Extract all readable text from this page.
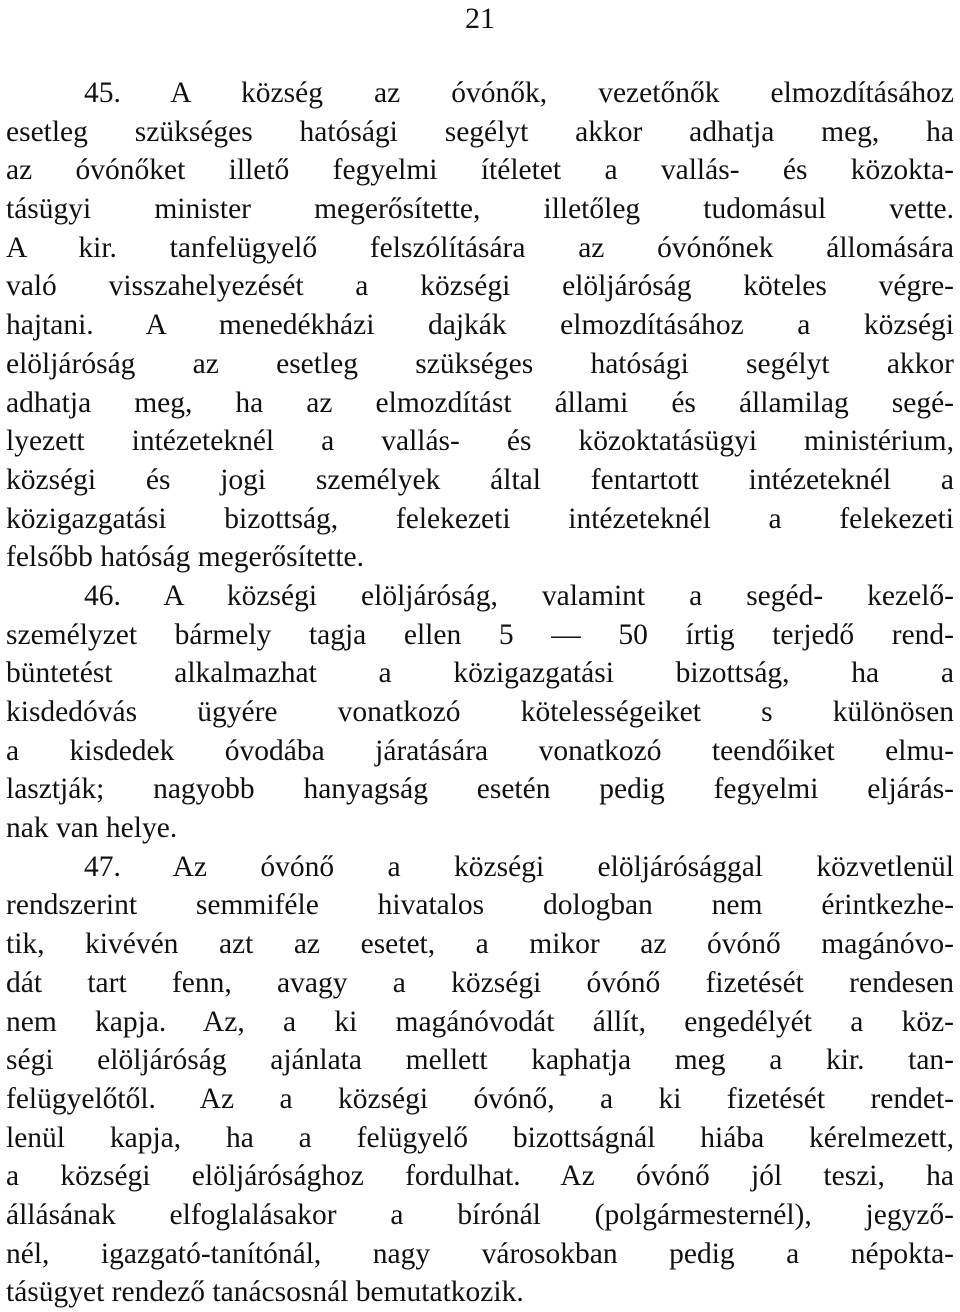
21
45. A község az óvónők, vezetőnők elmozdításához
esetleg szükséges hatósági segélyt akkor adhatja meg, ha
az óvónőket illető fegyelmi ítéletet a vallás- és közokta-
tásügyi minister megerősítette, illetőleg tudomásul vette.
A kir. tanfelügyelő felszólítására az óvónőnek állomására
való visszahelyezését a községi elöljáróság köteles végre-
hajtani. A menedékházi dajkák elmozdításához a községi
elöljáróság az esetleg szükséges hatósági segélyt akkor
adhatja meg, ha az elmozdítást állami és államilag segé-
lyezett intézeteknél a vallás- és közoktatásügyi ministérium,
községi és jogi személyek által fentartott intézeteknél a
közigazgatási bizottság, felekezeti intézeteknél a felekezeti
felsőbb hatóság megerősítette.
46. A községi elöljáróság, valamint a segéd- kezelő-
személyzet bármely tagja ellen 5 — 50 írtig terjedő rend-
büntetést alkalmazhat a közigazgatási bizottság, ha a
kisdedóvás ügyére vonatkozó kötelességeiket s különösen
a kisdedek óvodába járatására vonatkozó teendőiket elmu-
lasztják; nagyobb hanyagság esetén pedig fegyelmi eljárás-
nak van helye.
47. Az óvónő a községi elöljárósággal közvetlenül
rendszerint semmiféle hivatalos dologban nem érintkezhe-
tik, kivévén azt az esetet, a mikor az óvónő magánóvo-
dát tart fenn, avagy a községi óvónő fizetését rendesen
nem kapja. Az, a ki magánóvodát állít, engedélyét a köz-
ségi elöljáróság ajánlata mellett kaphatja meg a kir. tan-
felügyelőtől. Az a községi óvónő, a ki fizetését rendet-
lenül kapja, ha a felügyelő bizottságnál hiába kérelmezett,
a községi elöljárósághoz fordulhat. Az óvónő jól teszi, ha
állásának elfoglalásakor a bírónál (polgármesternél), jegyző-
nél, igazgató-tanítónál, nagy városokban pedig a népokta-
tásügyet rendező tanácsosnál bemutatkozik.
